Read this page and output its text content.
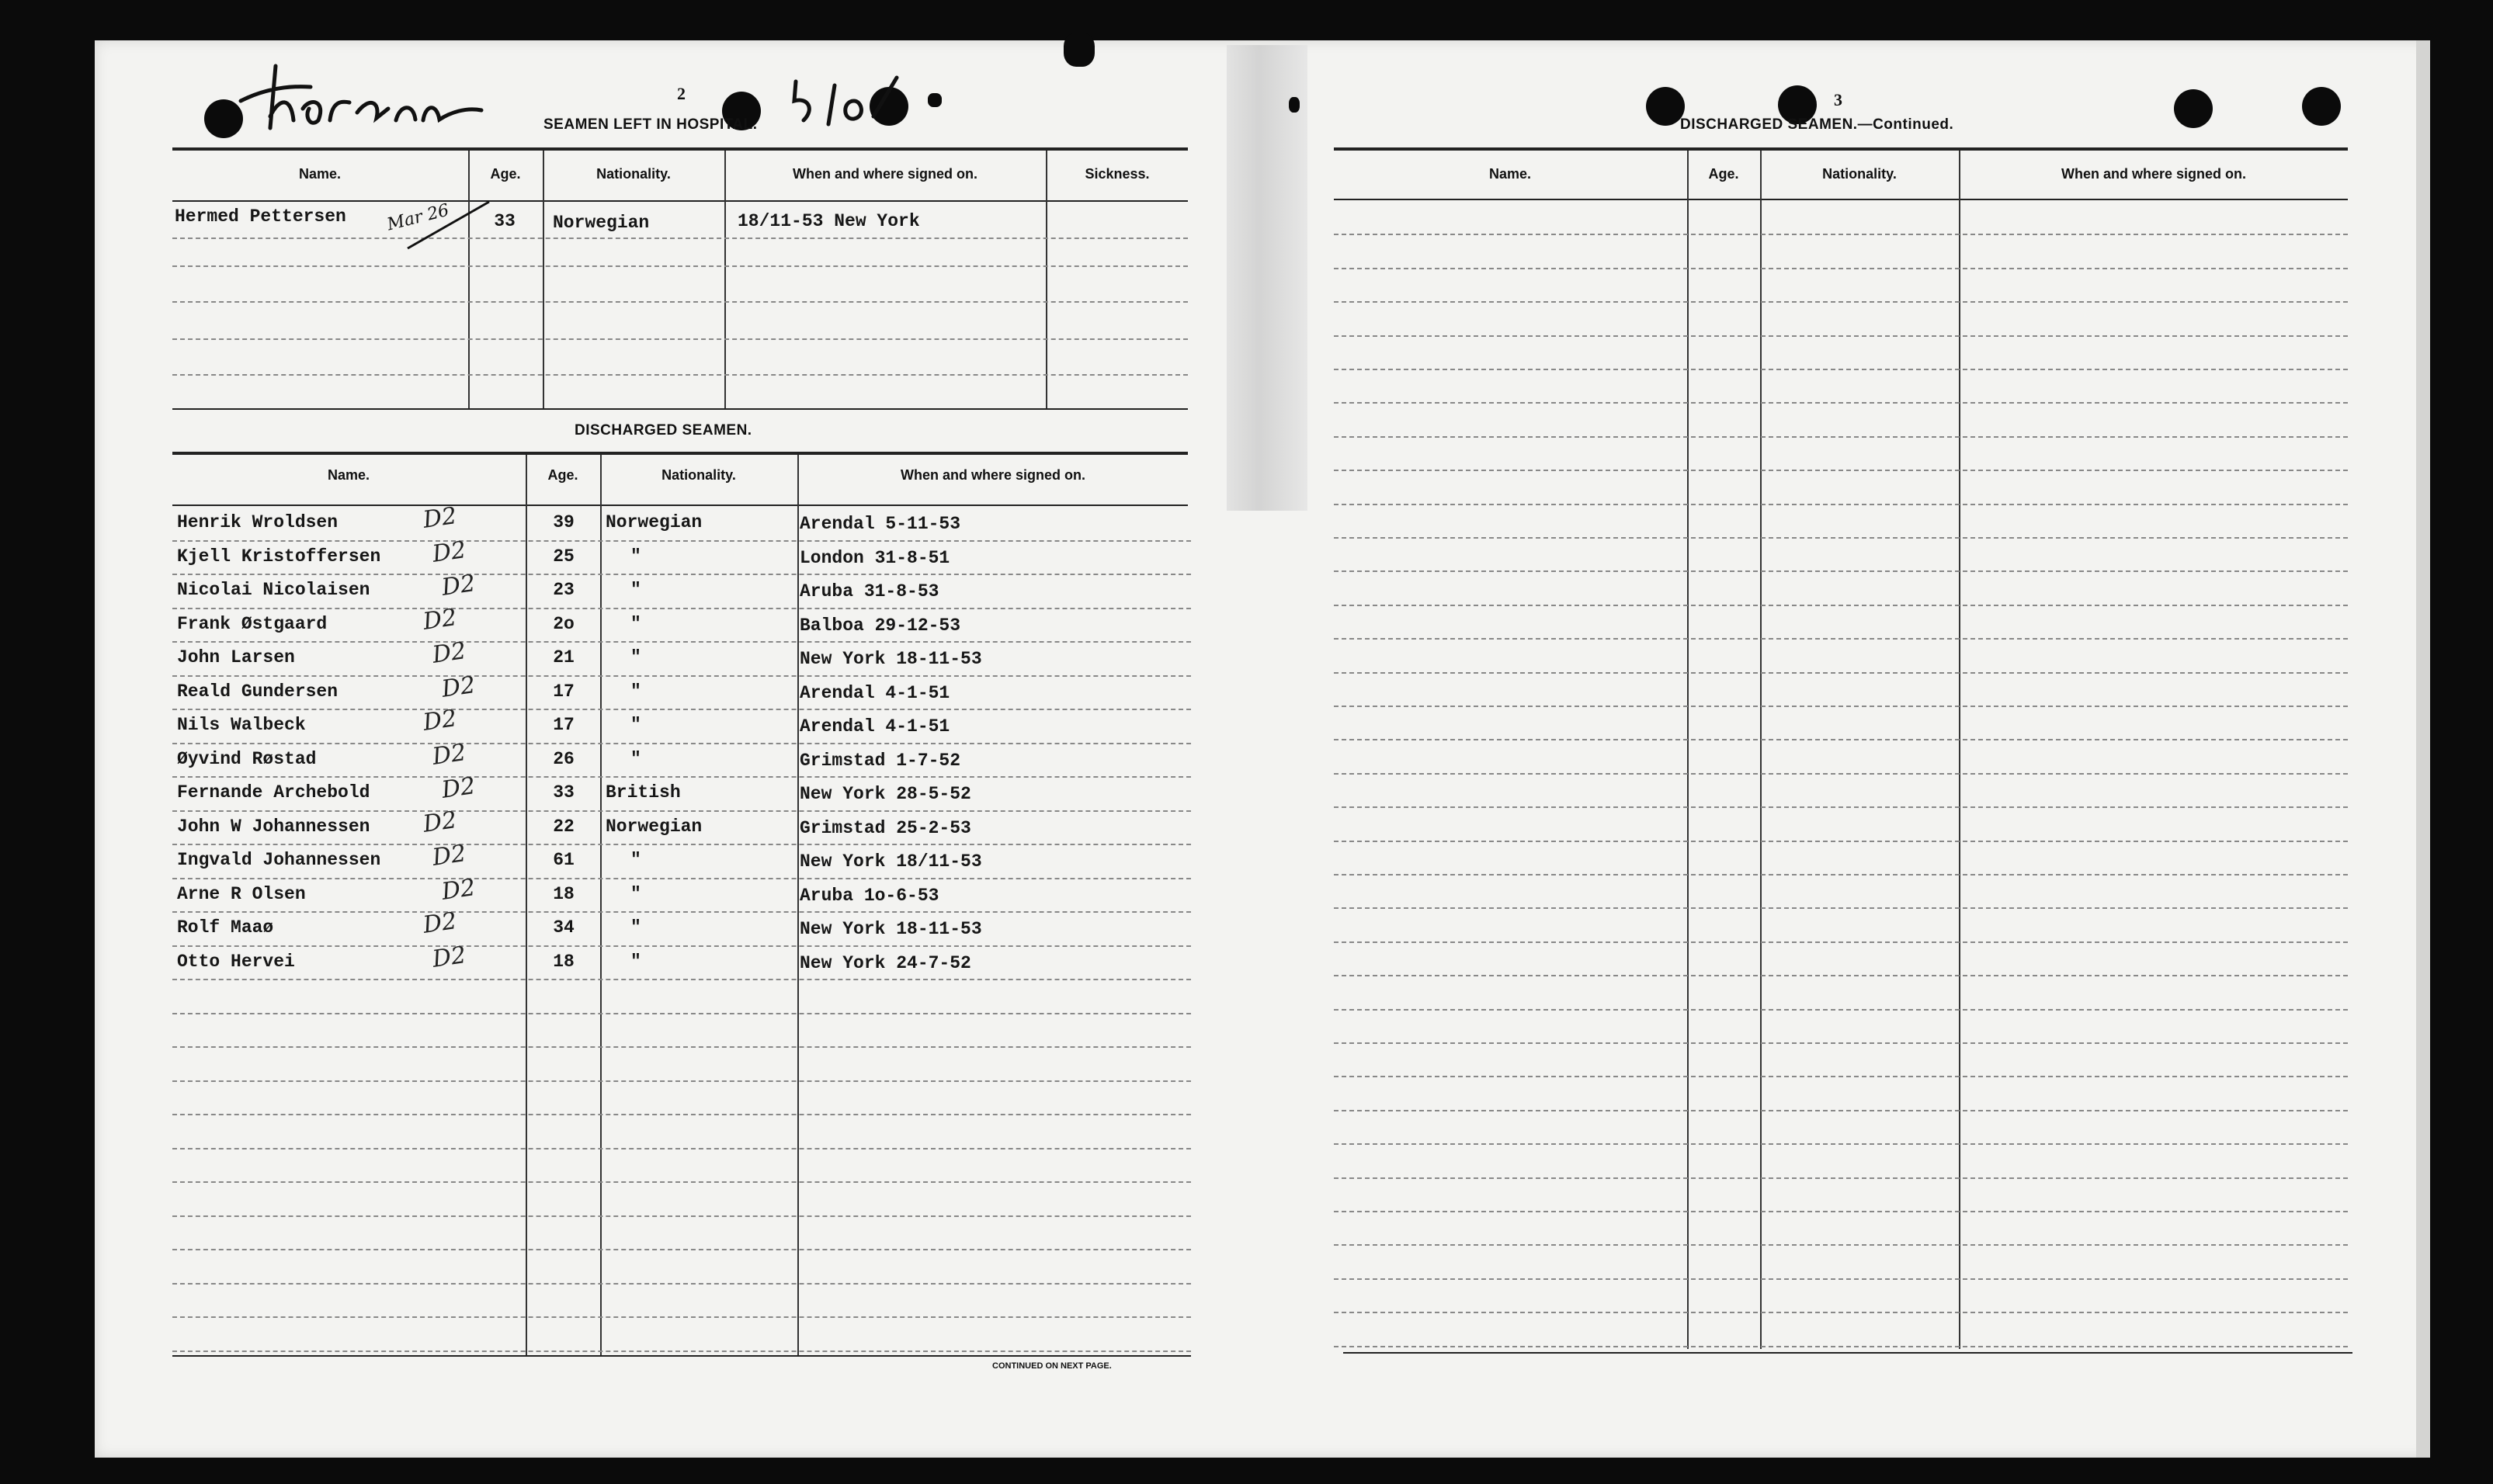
2
SEAMEN LEFT IN HOSPITAL.
Name.	Age.	Nationality.	When and where signed on.	Sickness.
Hermed Pettersen Mar 26	33	Norwegian	18/11-53 New York
DISCHARGED SEAMEN.
Name.	Age.	Nationality.	When and where signed on.
Henrik Wroldsen	D2	39	Norwegian	Arendal 5-11-53
Kjell Kristoffersen D2	25	"	London 31-8-51
Nicolai Nicolaisen	D2	23	"	Aruba 31-8-53
Frank Østgaard	D2	2o	"	Balboa 29-12-53
John Larsen	D2	21	"	New York 18-11-53
Reald Gundersen	D2	17	"	Arendal 4-1-51
Nils Walbeck	D2	17	"	Arendal 4-1-51
Øyvind Røstad	D2	26	"	Grimstad 1-7-52
Fernande Archebold	D2	33	British	New York 28-5-52
John W Johannessen D2	22	Norwegian	Grimstad 25-2-53
Ingvald Johannessen D2	61	"	New York 18/11-53
Arne R Olsen	D2	18	"	Aruba 1o-6-53
Rolf Maaø	D2	34	"	New York 18-11-53
Otto Hervei	D2	18	"	New York 24-7-52
CONTINUED ON NEXT PAGE.
3
DISCHARGED SEAMEN.—Continued.
Name.	Age.	Nationality.	When and where signed on.
